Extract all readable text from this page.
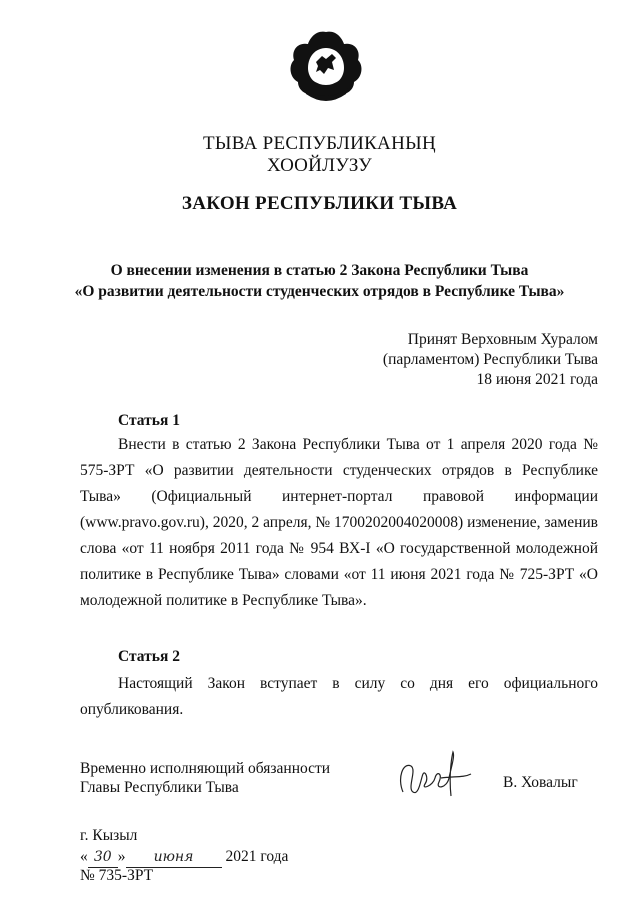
ТЫВА РЕСПУБЛИКАНЫҢ
ХООЙЛУЗУ
ЗАКОН РЕСПУБЛИКИ ТЫВА
О внесении изменения в статью 2 Закона Республики Тыва
«О развитии деятельности студенческих отрядов в Республике Тыва»
Принят Верховным Хуралом
(парламентом) Республики Тыва
18 июня 2021 года
Статья 1
Внести в статью 2 Закона Республики Тыва от 1 апреля 2020 года № 575-ЗРТ «О развитии деятельности студенческих отрядов в Республике Тыва» (Официальный интернет-портал правовой информации (www.pravo.gov.ru), 2020, 2 апреля, № 1700202004020008) изменение, заменив слова «от 11 ноября 2011 года № 954 ВХ-I «О государственной молодежной политике в Республике Тыва» словами «от 11 июня 2021 года № 725-ЗРТ «О молодежной политике в Республике Тыва».
Статья 2
Настоящий Закон вступает в силу со дня его официального опубликования.
Временно исполняющий обязанности
Главы Республики Тыва	В. Ховалыг
г. Кызыл
« 30 » июня 2021 года
№ 735-ЗРТ
